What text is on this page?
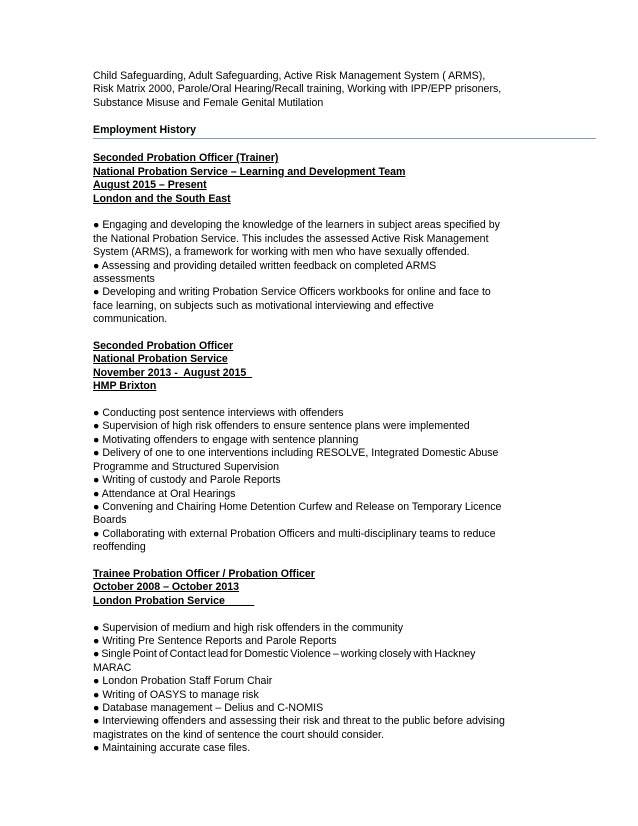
Child Safeguarding, Adult Safeguarding, Active Risk Management System ( ARMS),

Risk Matrix 2000, Parole/Oral Hearing/Recall training, Working with IPP/EPP prisoners,

Substance Misuse and Female Genital Mutilation

Employment History

Seconded Probation Officer (Trainer)

National Probation Service – Learning and Development Team

August 2015 – Present

London and the South East

● Engaging and developing the knowledge of the learners in subject areas specified by

the National Probation Service. This includes the assessed Active Risk Management

System (ARMS), a framework for working with men who have sexually offended.

● Assessing and providing detailed written feedback on completed ARMS

assessments

● Developing and writing Probation Service Officers workbooks for online and face to

face learning, on subjects such as motivational interviewing and effective

communication.

Seconded Probation Officer

National Probation Service

November 2013 -  August 2015

HMP Brixton

● Conducting post sentence interviews with offenders

● Supervision of high risk offenders to ensure sentence plans were implemented

● Motivating offenders to engage with sentence planning

● Delivery of one to one interventions including RESOLVE, Integrated Domestic Abuse

Programme and Structured Supervision

● Writing of custody and Parole Reports

● Attendance at Oral Hearings

● Convening and Chairing Home Detention Curfew and Release on Temporary Licence

Boards

● Collaborating with external Probation Officers and multi-disciplinary teams to reduce

reoffending

Trainee Probation Officer / Probation Officer

October 2008 – October 2013

London Probation Service

● Supervision of medium and high risk offenders in the community

● Writing Pre Sentence Reports and Parole Reports

● Single Point of Contact lead for Domestic Violence – working closely with Hackney

MARAC

● London Probation Staff Forum Chair

● Writing of OASYS to manage risk

● Database management – Delius and C-NOMIS

● Interviewing offenders and assessing their risk and threat to the public before advising

magistrates on the kind of sentence the court should consider.

● Maintaining accurate case files.
